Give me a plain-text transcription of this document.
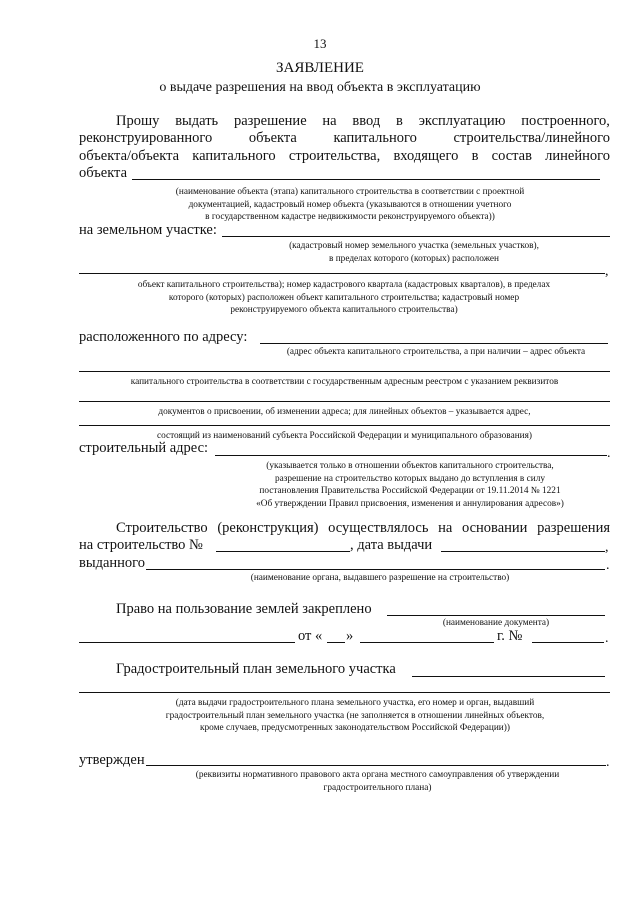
13
ЗАЯВЛЕНИЕ
о выдаче разрешения на ввод объекта в эксплуатацию
Прошу выдать разрешение на ввод в эксплуатацию построенного,
реконструированного	объекта	капитального	строительства/линейного
объекта/объекта капитального строительства, входящего в состав линейного
объекта
(наименование объекта (этапа) капитального строительства в соответствии с проектной
документацией, кадастровый номер объекта (указываются в отношении учетного
в государственном кадастре недвижимости реконструируемого объекта))
на земельном участке:
(кадастровый номер земельного участка (земельных участков),
в пределах которого (которых) расположен
,
объект капитального строительства); номер кадастрового квартала (кадастровых кварталов), в пределах
которого (которых) расположен объект капитального строительства; кадастровый номер
реконструируемого объекта капитального строительства)
расположенного по адресу:
(адрес объекта капитального строительства, а при наличии – адрес объекта
капитального строительства в соответствии с государственным адресным реестром с указанием реквизитов
документов о присвоении, об изменении адреса; для линейных объектов – указывается адрес,
состоящий из наименований субъекта Российской Федерации и муниципального образования)
строительный адрес:	.
(указывается только в отношении объектов капитального строительства,
разрешение на строительство которых выдано до вступления в силу
постановления Правительства Российской Федерации от 19.11.2014 № 1221
«Об утверждении Правил присвоения, изменения и аннулирования адресов»)
Строительство (реконструкция) осуществлялось на основании разрешения
на строительство №	, дата выдачи	,
выданного	.
(наименование органа, выдавшего разрешение на строительство)
Право на пользование землей закреплено
(наименование документа)
от « »	г. №	.
Градостроительный план земельного участка
(дата выдачи градостроительного плана земельного участка, его номер и орган, выдавший
градостроительный план земельного участка (не заполняется в отношении линейных объектов,
кроме случаев, предусмотренных законодательством Российской Федерации))
утвержден	.
(реквизиты нормативного правового акта органа местного самоуправления об утверждении
градостроительного плана)
